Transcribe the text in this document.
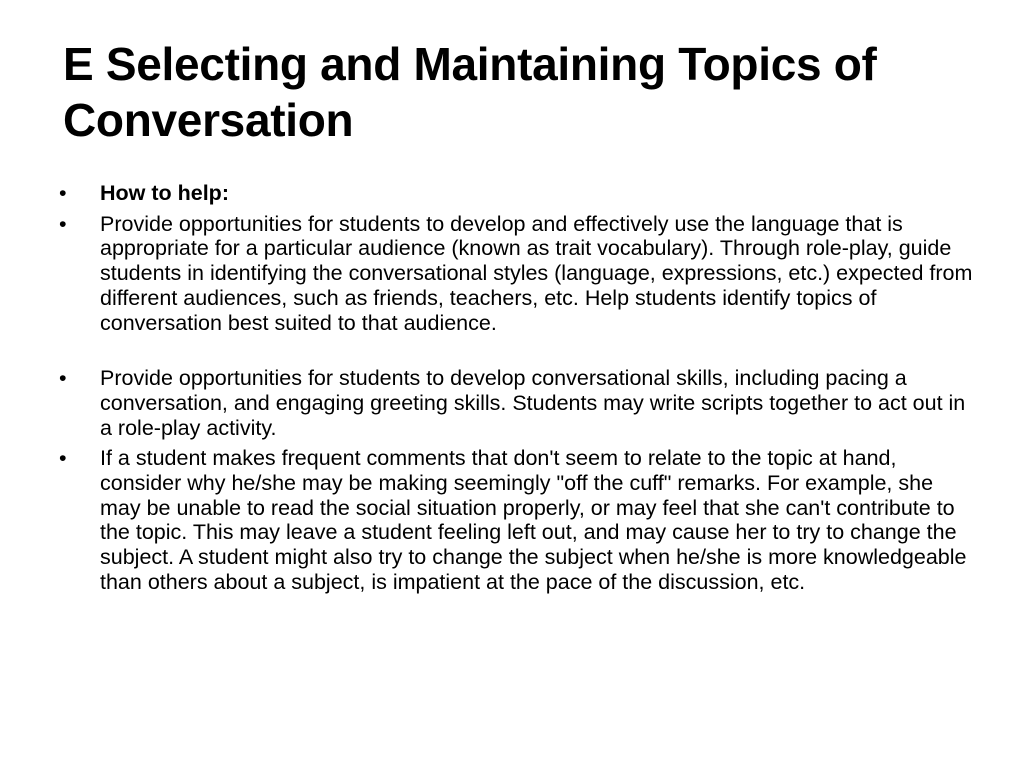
E Selecting and Maintaining Topics of Conversation
•	How to help:
•	Provide opportunities for students to develop and effectively use the language that is appropriate for a particular audience (known as trait vocabulary). Through role-play, guide students in identifying the conversational styles (language, expressions, etc.) expected from different audiences, such as friends, teachers, etc. Help students identify topics of conversation best suited to that audience.
•	Provide opportunities for students to develop conversational skills, including pacing a conversation, and engaging greeting skills. Students may write scripts together to act out in a role-play activity.
•	If a student makes frequent comments that don't seem to relate to the topic at hand, consider why he/she may be making seemingly "off the cuff" remarks. For example, she may be unable to read the social situation properly, or may feel that she can't contribute to the topic. This may leave a student feeling left out, and may cause her to try to change the subject. A student might also try to change the subject when he/she is more knowledgeable than others about a subject, is impatient at the pace of the discussion, etc.
